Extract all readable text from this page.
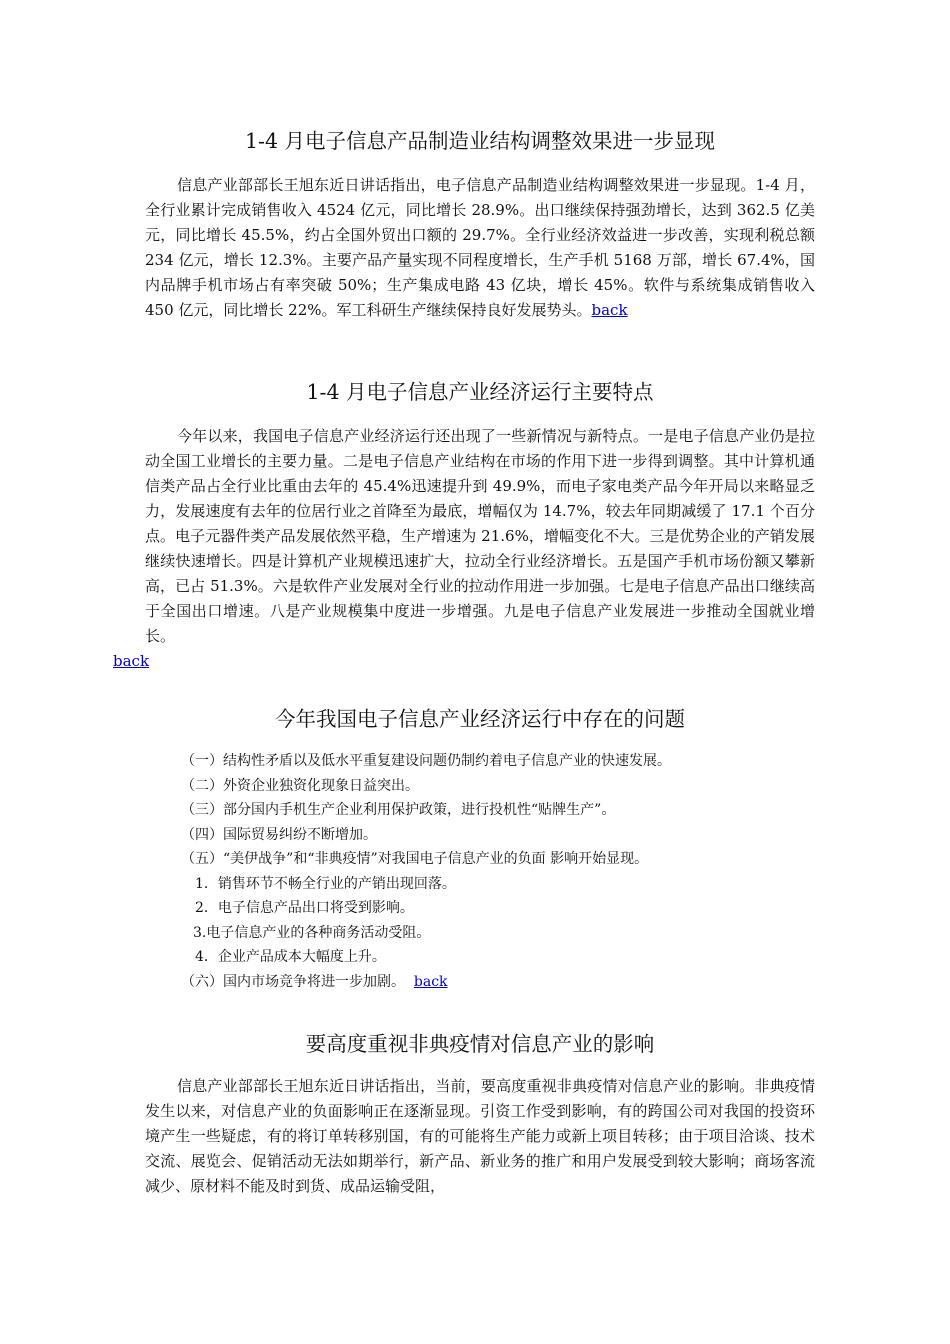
1-4 月电子信息产品制造业结构调整效果进一步显现

信息产业部部长王旭东近日讲话指出，电子信息产品制造业结构调整效果进一步显现。1-4 月，全行业累计完成销售收入 4524 亿元，同比增长 28.9%。出口继续保持强劲增长，达到 362.5 亿美元，同比增长 45.5%，约占全国外贸出口额的 29.7%。全行业经济效益进一步改善，实现利税总额 234 亿元，增长 12.3%。主要产品产量实现不同程度增长，生产手机 5168 万部，增长 67.4%，国内品牌手机市场占有率突破 50%；生产集成电路 43 亿块，增长 45%。软件与系统集成销售收入 450 亿元，同比增长 22%。军工科研生产继续保持良好发展势头。back

1-4 月电子信息产业经济运行主要特点

今年以来，我国电子信息产业经济运行还出现了一些新情况与新特点。一是电子信息产业仍是拉动全国工业增长的主要力量。二是电子信息产业结构在市场的作用下进一步得到调整。其中计算机通信类产品占全行业比重由去年的 45.4%迅速提升到 49.9%，而电子家电类产品今年开局以来略显乏力，发展速度有去年的位居行业之首降至为最底，增幅仅为 14.7%，较去年同期减缓了 17.1 个百分点。电子元器件类产品发展依然平稳，生产增速为 21.6%，增幅变化不大。三是优势企业的产销发展继续快速增长。四是计算机产业规模迅速扩大，拉动全行业经济增长。五是国产手机市场份额又攀新高，已占 51.3%。六是软件产业发展对全行业的拉动作用进一步加强。七是电子信息产品出口继续高于全国出口增速。八是产业规模集中度进一步增强。九是电子信息产业发展进一步推动全国就业增长。
back

今年我国电子信息产业经济运行中存在的问题
（一）结构性矛盾以及低水平重复建设问题仍制约着电子信息产业的快速发展。
（二）外资企业独资化现象日益突出。
（三）部分国内手机生产企业利用保护政策，进行投机性“贴牌生产”。
（四）国际贸易纠纷不断增加。
（五）“美伊战争”和“非典疫情”对我国电子信息产业的负面 影响开始显现。
1．销售环节不畅全行业的产销出现回落。
2．电子信息产品出口将受到影响。
3.电子信息产业的各种商务活动受阻。
4．企业产品成本大幅度上升。
（六）国内市场竞争将进一步加剧。 back
要高度重视非典疫情对信息产业的影响

信息产业部部长王旭东近日讲话指出，当前，要高度重视非典疫情对信息产业的影响。非典疫情发生以来，对信息产业的负面影响正在逐渐显现。引资工作受到影响，有的跨国公司对我国的投资环境产生一些疑虑，有的将订单转移别国，有的可能将生产能力或新上项目转移；由于项目洽谈、技术交流、展览会、促销活动无法如期举行，新产品、新业务的推广和用户发展受到较大影响；商场客流减少、原材料不能及时到货、成品运输受阻，
